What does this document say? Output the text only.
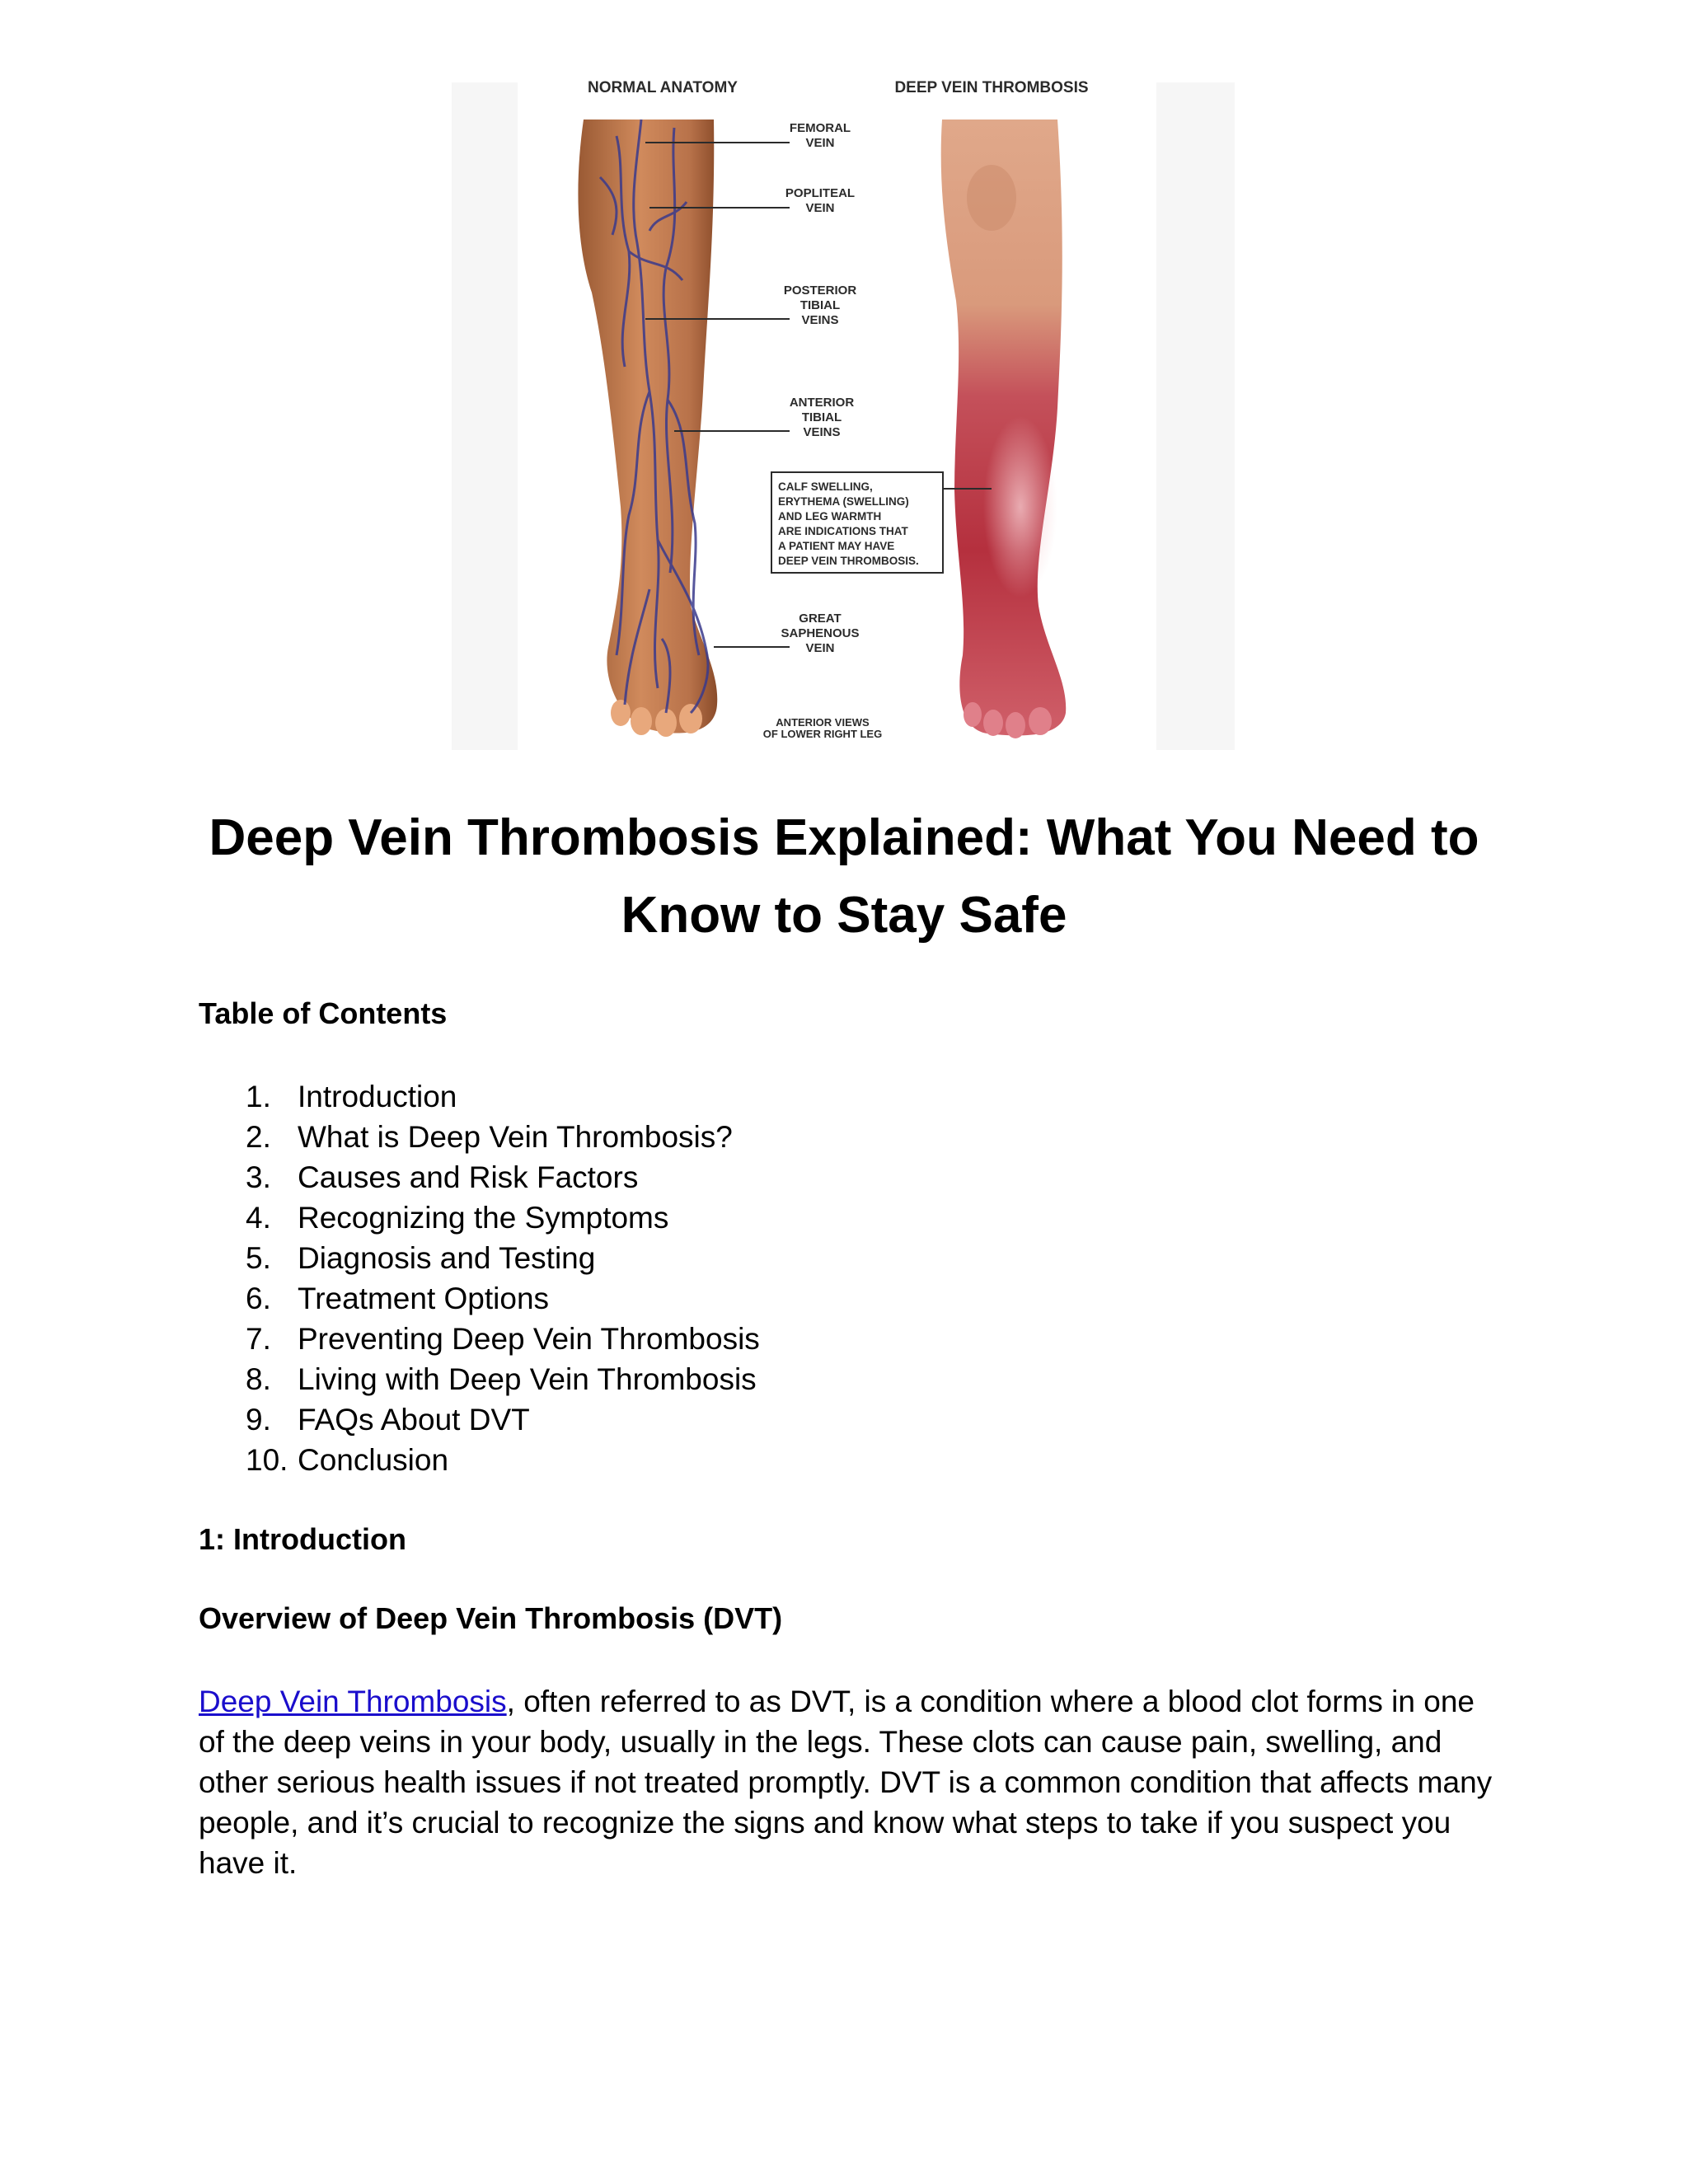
NORMAL ANATOMY	DEEP VEIN THROMBOSIS
FEMORAL
VEIN
POPLITEAL
VEIN
POSTERIOR
TIBIAL
VEINS
ANTERIOR
TIBIAL
VEINS
GREAT
SAPHENOUS
VEIN
ANTERIOR VIEWS
OF LOWER RIGHT LEG
CALF SWELLING,
ERYTHEMA (SWELLING)
AND LEG WARMTH
ARE INDICATIONS THAT
A PATIENT MAY HAVE
DEEP VEIN THROMBOSIS.
Deep Vein Thrombosis Explained: What You Need to Know to Stay Safe
Table of Contents
1. Introduction
2. What is Deep Vein Thrombosis?
3. Causes and Risk Factors
4. Recognizing the Symptoms
5. Diagnosis and Testing
6. Treatment Options
7. Preventing Deep Vein Thrombosis
8. Living with Deep Vein Thrombosis
9. FAQs About DVT
10. Conclusion
1: Introduction
Overview of Deep Vein Thrombosis (DVT)

Deep Vein Thrombosis, often referred to as DVT, is a condition where a blood clot forms in one of the deep veins in your body, usually in the legs. These clots can cause pain, swelling, and other serious health issues if not treated promptly. DVT is a common condition that affects many people, and it’s crucial to recognize the signs and know what steps to take if you suspect you have it.
